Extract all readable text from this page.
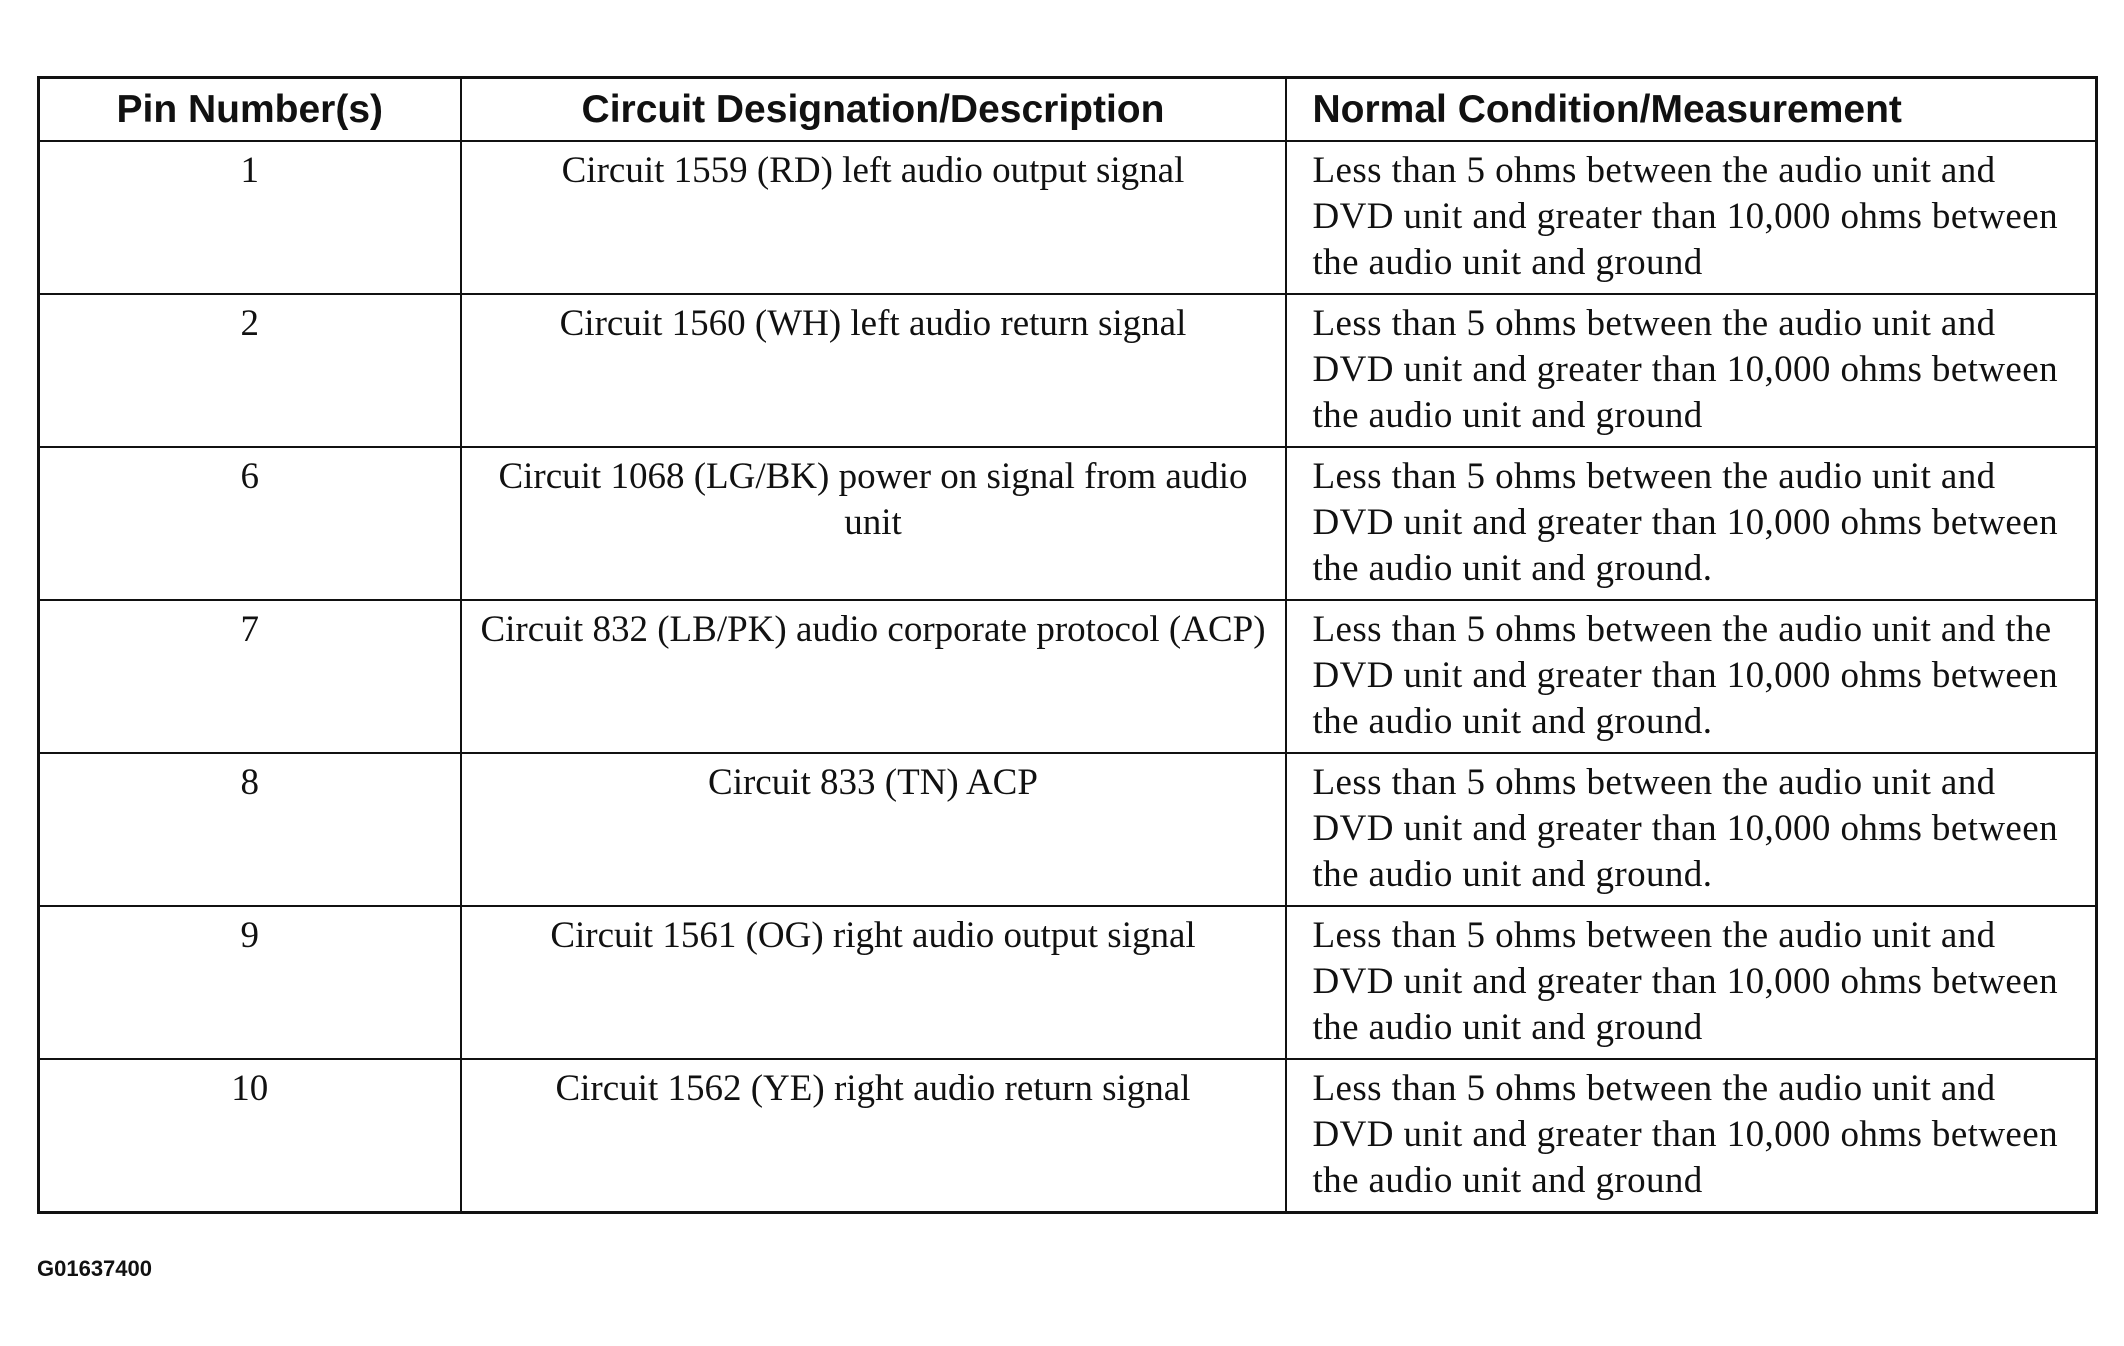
Pin Number(s)	Circuit Designation/Description	Normal Condition/Measurement
1	Circuit 1559 (RD) left audio output signal	Less than 5 ohms between the audio unit and DVD unit and greater than 10,000 ohms between the audio unit and ground
2	Circuit 1560 (WH) left audio return signal	Less than 5 ohms between the audio unit and DVD unit and greater than 10,000 ohms between the audio unit and ground
6	Circuit 1068 (LG/BK) power on signal from audio unit	Less than 5 ohms between the audio unit and DVD unit and greater than 10,000 ohms between the audio unit and ground.
7	Circuit 832 (LB/PK) audio corporate protocol (ACP)	Less than 5 ohms between the audio unit and the DVD unit and greater than 10,000 ohms between the audio unit and ground.
8	Circuit 833 (TN) ACP	Less than 5 ohms between the audio unit and DVD unit and greater than 10,000 ohms between the audio unit and ground.
9	Circuit 1561 (OG) right audio output signal	Less than 5 ohms between the audio unit and DVD unit and greater than 10,000 ohms between the audio unit and ground
10	Circuit 1562 (YE) right audio return signal	Less than 5 ohms between the audio unit and DVD unit and greater than 10,000 ohms between the audio unit and ground
G01637400
